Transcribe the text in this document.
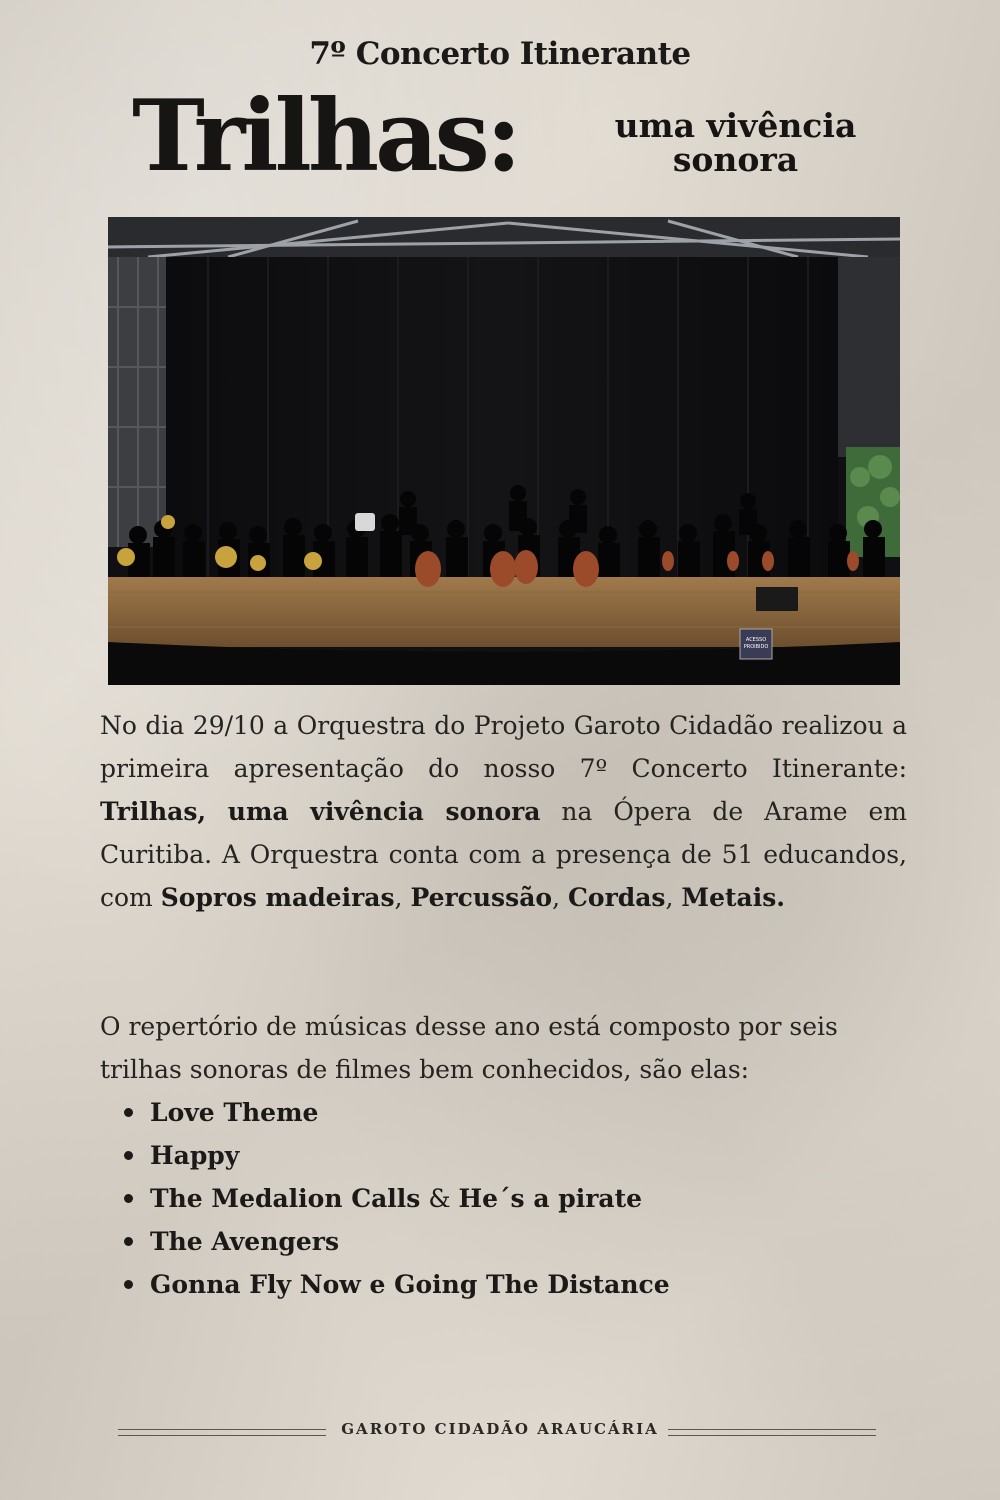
7º Concerto Itinerante
Trilhas:	uma vivência
sonora
ACESSO
PROIBIDO
No dia 29/10 a Orquestra do Projeto Garoto Cidadão realizou a primeira apresentação do nosso 7º Concerto Itinerante: Trilhas, uma vivência sonora na Ópera de Arame em Curitiba. A Orquestra conta com a presença de 51 educandos, com Sopros madeiras, Percussão, Cordas, Metais.
O repertório de músicas desse ano está composto por seis trilhas sonoras de filmes bem conhecidos, são elas:
Love Theme
Happy
The Medalion Calls & He´s a pirate
The Avengers
Gonna Fly Now e Going The Distance
GAROTO CIDADÃO ARAUCÁRIA
